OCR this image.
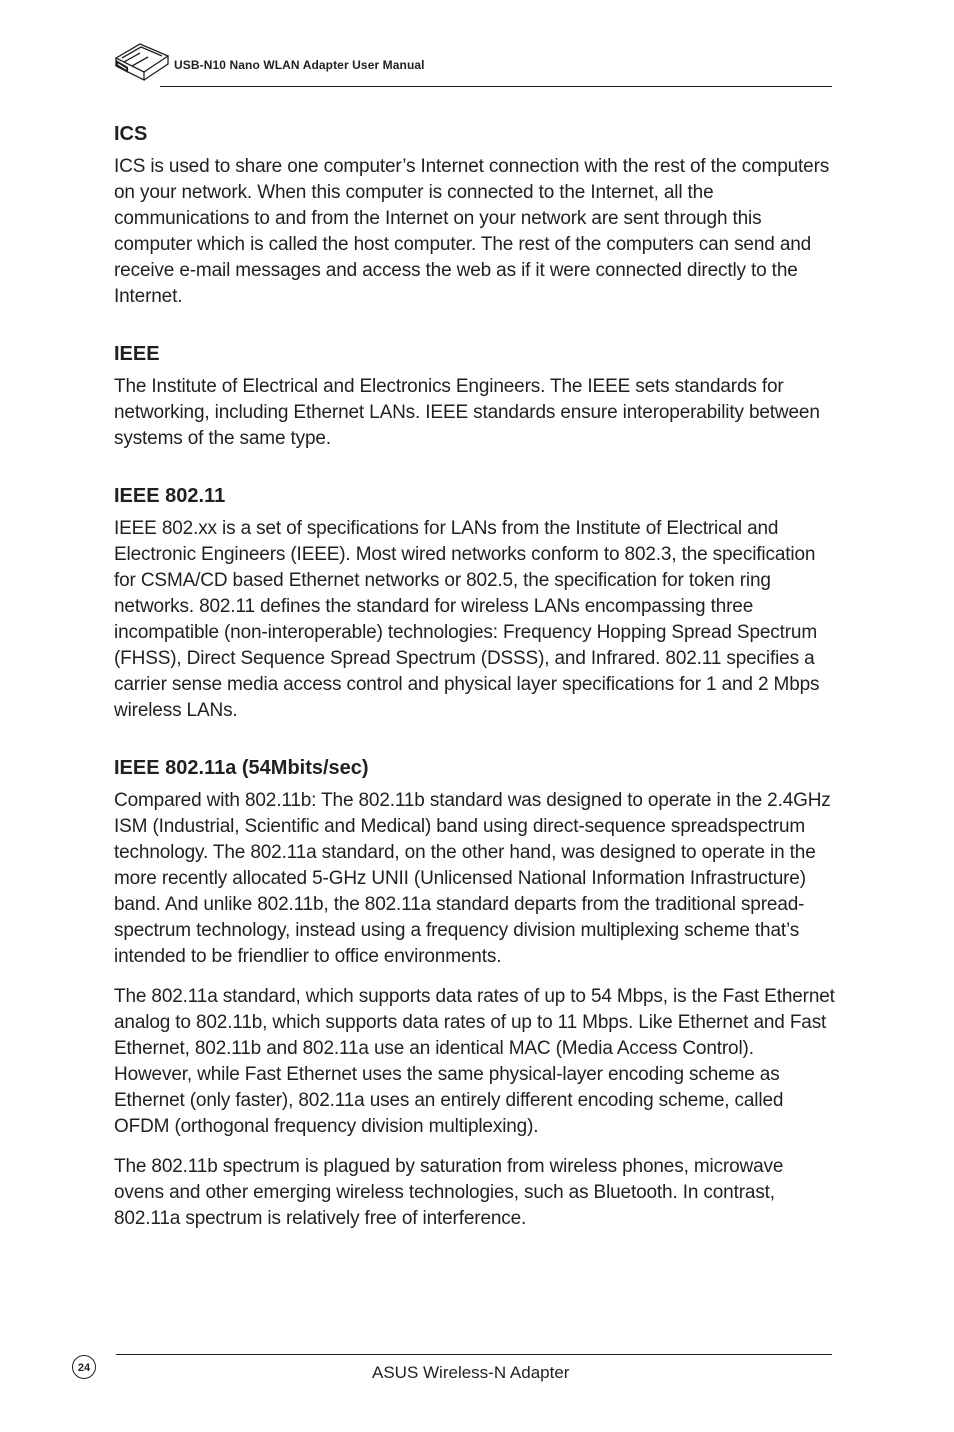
USB-N10 Nano WLAN Adapter User Manual
ICS

ICS is used to share one computer’s Internet connection with the rest of the computers on your network. When this computer is connected to the Internet, all the communications to and from the Internet on your network are sent through this computer which is called the host computer. The rest of the computers can send and receive e-mail messages and access the web as if it were connected directly to the Internet.

IEEE

The Institute of Electrical and Electronics Engineers. The IEEE sets standards for networking, including Ethernet LANs. IEEE standards ensure interoperability between systems of the same type.

IEEE 802.11

IEEE 802.xx is a set of specifications for LANs from the Institute of Electrical and Electronic Engineers (IEEE). Most wired networks conform to 802.3, the specification for CSMA/CD based Ethernet networks or 802.5, the specification for token ring networks. 802.11 defines the standard for wireless LANs encompassing three incompatible (non-interoperable) technologies: Frequency Hopping Spread Spectrum (FHSS), Direct Sequence Spread Spectrum (DSSS), and Infrared. 802.11 specifies a carrier sense media access control and physical layer specifications for 1 and 2 Mbps wireless LANs.

IEEE 802.11a (54Mbits/sec)

Compared with 802.11b: The 802.11b standard was designed to operate in the 2.4GHz ISM (Industrial, Scientific and Medical) band using direct-sequence spreadspectrum technology. The 802.11a standard, on the other hand, was designed to operate in the more recently allocated 5-GHz UNII (Unlicensed National Information Infrastructure) band. And unlike 802.11b, the 802.11a standard departs from the traditional spread-spectrum technology, instead using a frequency division multiplexing scheme that’s intended to be friendlier to office environments.

The 802.11a standard, which supports data rates of up to 54 Mbps, is the Fast Ethernet analog to 802.11b, which supports data rates of up to 11 Mbps. Like Ethernet and Fast Ethernet, 802.11b and 802.11a use an identical MAC (Media Access Control). However, while Fast Ethernet uses the same physical-layer encoding scheme as Ethernet (only faster), 802.11a uses an entirely different encoding scheme, called OFDM (orthogonal frequency division multiplexing).

The 802.11b spectrum is plagued by saturation from wireless phones, microwave ovens and other emerging wireless technologies, such as Bluetooth. In contrast, 802.11a spectrum is relatively free of interference.

24	ASUS Wireless-N Adapter
